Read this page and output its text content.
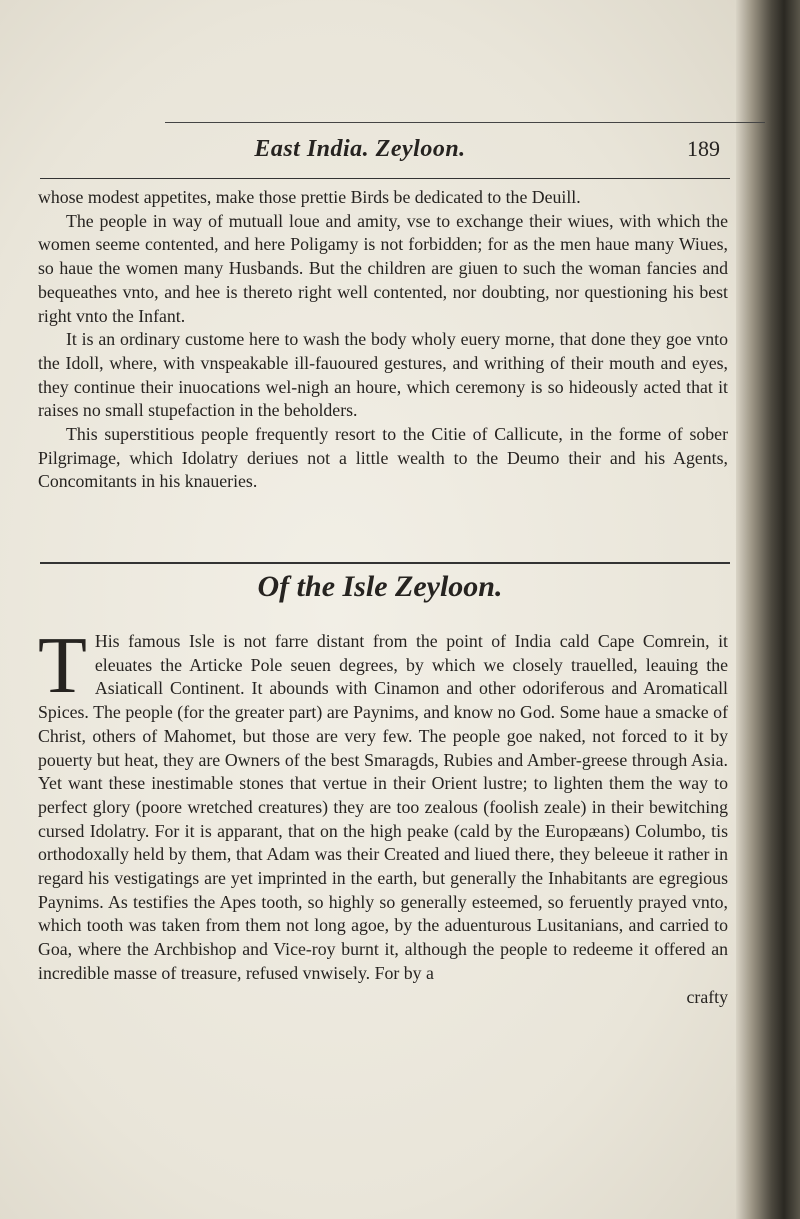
East India. Zeyloon.	189

whose modest appetites, make those prettie Birds be dedicated to the Deuill.

The people in way of mutuall loue and amity, vse to exchange their wiues, with which the women seeme contented, and here Poligamy is not forbidden; for as the men haue many Wiues, so haue the women many Husbands. But the children are giuen to such the woman fancies and bequeathes vnto, and hee is thereto right well contented, nor doubting, nor questioning his best right vnto the Infant.

It is an ordinary custome here to wash the body wholy euery morne, that done they goe vnto the Idoll, where, with vnspeakable ill-fauoured gestures, and writhing of their mouth and eyes, they continue their inuocations wel-nigh an houre, which ceremony is so hideously acted that it raises no small stupefaction in the beholders.

This superstitious people frequently resort to the Citie of Callicute, in the forme of sober Pilgrimage, which Idolatry deriues not a little wealth to the Deumo their and his Agents, Concomitants in his knaueries.

Of the Isle Zeyloon.
T His famous Isle is not farre distant from the point of India cald Cape Comrein, it eleuates the Articke Pole seuen degrees, by which we closely trauelled, leauing the Asiaticall Continent. It abounds with Cinamon and other odoriferous and Aromaticall Spices. The people (for the greater part) are Paynims, and know no God. Some haue a smacke of Christ, others of Mahomet, but those are very few. The people goe naked, not forced to it by pouerty but heat, they are Owners of the best Smaragds, Rubies and Amber-greese through Asia. Yet want these inestimable stones that vertue in their Orient lustre; to lighten them the way to perfect glory (poore wretched creatures) they are too zealous (foolish zeale) in their bewitching cursed Idolatry. For it is apparant, that on the high peake (cald by the Europæans) Columbo, tis orthodoxally held by them, that Adam was their Created and liued there, they beleeue it rather in regard his vestigatings are yet imprinted in the earth, but generally the Inhabitants are egregious Paynims. As testifies the Apes tooth, so highly so generally esteemed, so feruently prayed vnto, which tooth was taken from them not long agoe, by the aduenturous Lusitanians, and carried to Goa, where the Archbishop and Vice-roy burnt it, although the people to redeeme it offered an incredible masse of treasure, refused vnwisely. For by a

crafty
